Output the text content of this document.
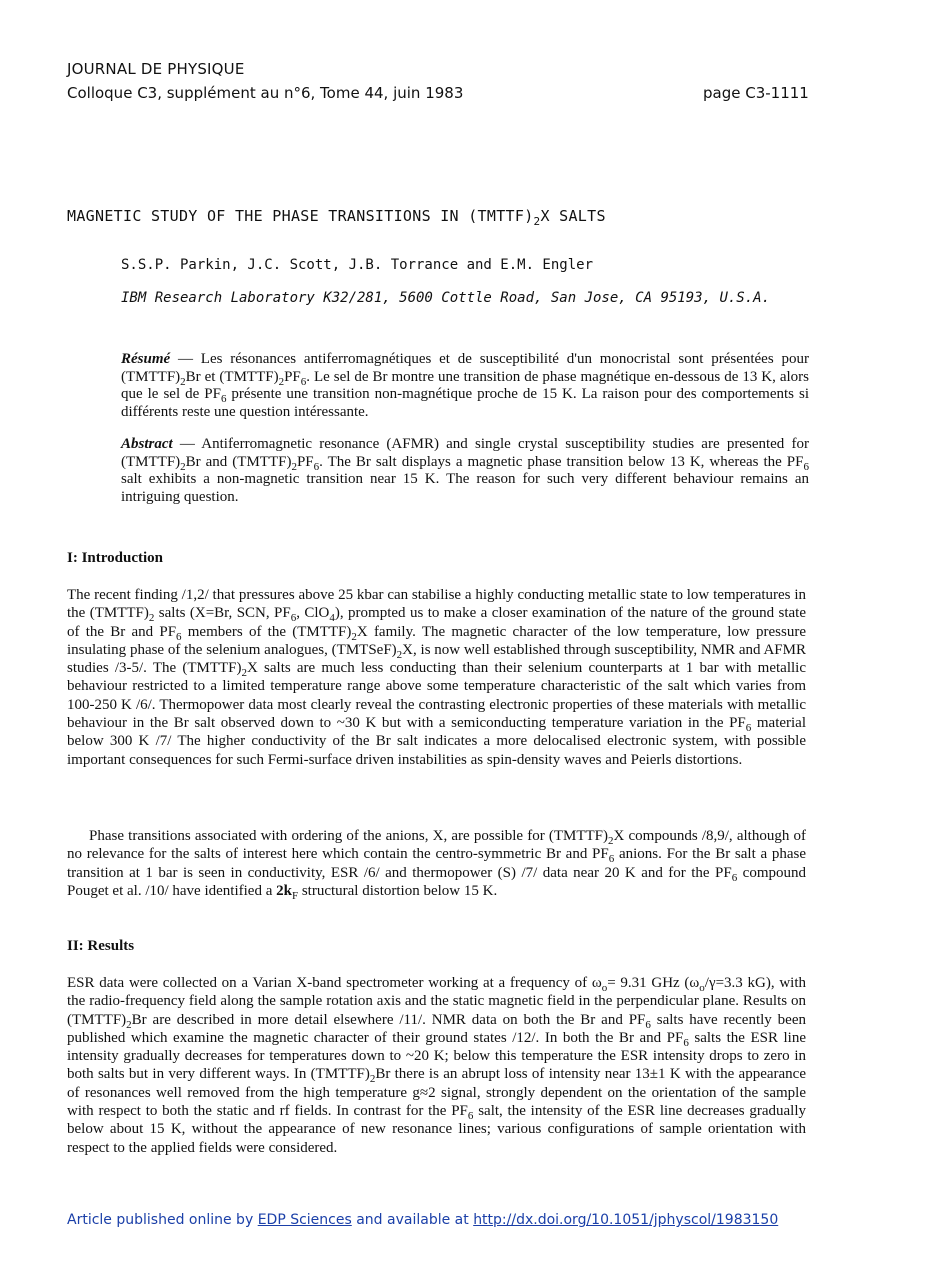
JOURNAL DE PHYSIQUE
Colloque C3, supplément au n°6, Tome 44, juin 1983	page C3-1111
MAGNETIC STUDY OF THE PHASE TRANSITIONS IN $(TMTTF)_2X$ SALTS
S.S.P. Parkin, J.C. Scott, J.B. Torrance and E.M. Engler
IBM Research Laboratory K32/281, 5600 Cottle Road, San Jose, CA 95193, U.S.A.
Résumé — Les résonances antiferromagnétiques et de susceptibilité d'un monocristal sont présentées pour $(TMTTF)_2Br$ et $(TMTTF)_2PF_6$. Le sel de Br montre une transition de phase magnétique en-dessous de 13 K, alors que le sel de $PF_6$ présente une transition non-magnétique proche de 15 K. La raison pour des comportements si différents reste une question intéressante.
Abstract — Antiferromagnetic resonance (AFMR) and single crystal susceptibility studies are presented for $(TMTTF)_2Br$ and $(TMTTF)_2PF_6$. The Br salt displays a magnetic phase transition below 13 K, whereas the $PF_6$ salt exhibits a non-magnetic transition near 15 K. The reason for such very different behaviour remains an intriguing question.
I: Introduction

The recent finding /1,2/ that pressures above 25 kbar can stabilise a highly conducting metallic state to low temperatures in the $(TMTTF)_2$ salts (X=Br, SCN, $PF_6$, ClO$_4$), prompted us to make a closer examination of the nature of the ground state of the Br and $PF_6$ members of the $(TMTTF)_2X$ family. The magnetic character of the low temperature, low pressure insulating phase of the selenium analogues, $(TMTSeF)_2X$, is now well established through susceptibility, NMR and AFMR studies /3-5/. The $(TMTTF)_2X$ salts are much less conducting than their selenium counterparts at 1 bar with metallic behaviour restricted to a limited temperature range above some temperature characteristic of the salt which varies from 100-250 K /6/. Thermopower data most clearly reveal the contrasting electronic properties of these materials with metallic behaviour in the Br salt observed down to ~30 K but with a semiconducting temperature variation in the $PF_6$ material below 300 K /7/ The higher conductivity of the Br salt indicates a more delocalised electronic system, with possible important consequences for such Fermi-surface driven instabilities as spin-density waves and Peierls distortions.

Phase transitions associated with ordering of the anions, X, are possible for $(TMTTF)_2X$ compounds /8,9/, although of no relevance for the salts of interest here which contain the centro-symmetric Br and $PF_6$ anions. For the Br salt a phase transition at 1 bar is seen in conductivity, ESR /6/ and thermopower (S) /7/ data near 20 K and for the $PF_6$ compound Pouget et al. /10/ have identified a $2k_F$ structural distortion below 15 K.

II: Results

ESR data were collected on a Varian X-band spectrometer working at a frequency of $\omega_o= 9.31$ GHz ($\omega_o/\gamma=3.3$ kG), with the radio-frequency field along the sample rotation axis and the static magnetic field in the perpendicular plane. Results on $(TMTTF)_2Br$ are described in more detail elsewhere /11/. NMR data on both the Br and $PF_6$ salts have recently been published which examine the magnetic character of their ground states /12/. In both the Br and $PF_6$ salts the ESR line intensity gradually decreases for temperatures down to ~20 K; below this temperature the ESR intensity drops to zero in both salts but in very different ways. In $(TMTTF)_2Br$ there is an abrupt loss of intensity near 13±1 K with the appearance of resonances well removed from the high temperature g≈2 signal, strongly dependent on the orientation of the sample with respect to both the static and rf fields. In contrast for the $PF_6$ salt, the intensity of the ESR line decreases gradually below about 15 K, without the appearance of new resonance lines; various configurations of sample orientation with respect to the applied fields were considered.

Article published online by EDP Sciences and available at http://dx.doi.org/10.1051/jphyscol/1983150
